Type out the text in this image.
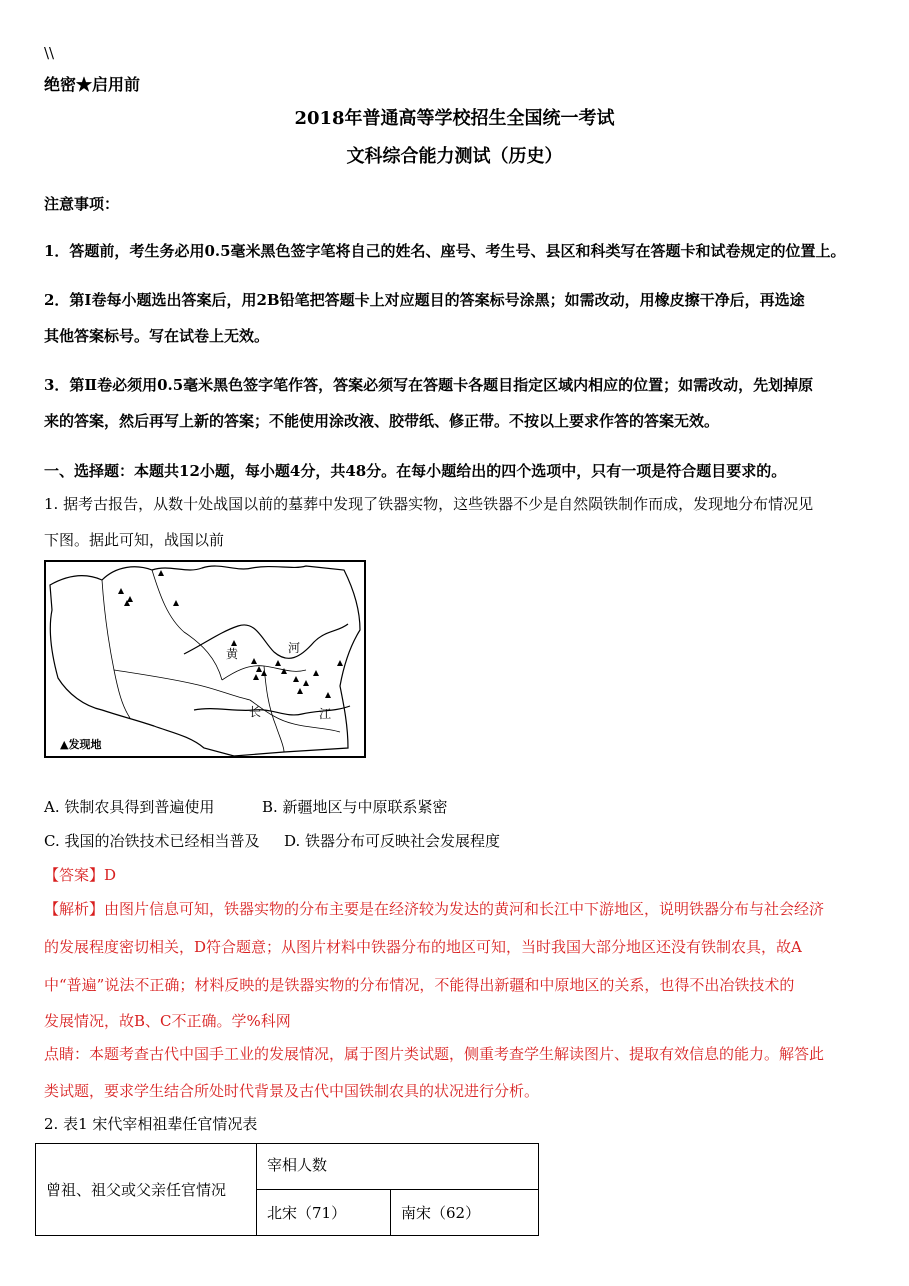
\\
绝密★启用前
2018年普通高等学校招生全国统一考试
文科综合能力测试（历史）
注意事项：
1．答题前，考生务必用0.5毫米黑色签字笔将自己的姓名、座号、考生号、县区和科类写在答题卡和试卷规定的位置上。
2．第Ⅰ卷每小题选出答案后，用2B铅笔把答题卡上对应题目的答案标号涂黑；如需改动，用橡皮擦干净后，再选途
其他答案标号。写在试卷上无效。
3．第Ⅱ卷必须用0.5毫米黑色签字笔作答，答案必须写在答题卡各题目指定区域内相应的位置；如需改动，先划掉原
来的答案，然后再写上新的答案；不能使用涂改液、胶带纸、修正带。不按以上要求作答的答案无效。
一、选择题：本题共12小题，每小题4分，共48分。在每小题给出的四个选项中，只有一项是符合题目要求的。
1. 据考古报告，从数十处战国以前的墓葬中发现了铁器实物，这些铁器不少是自然陨铁制作而成，发现地分布情况见
下图。据此可知，战国以前
黄	河
长	江
▲发现地
A. 铁制农具得到普遍使用	B. 新疆地区与中原联系紧密
C. 我国的冶铁技术已经相当普及 D. 铁器分布可反映社会发展程度
【答案】D
【解析】由图片信息可知，铁器实物的分布主要是在经济较为发达的黄河和长江中下游地区，说明铁器分布与社会经济
的发展程度密切相关，D符合题意；从图片材料中铁器分布的地区可知，当时我国大部分地区还没有铁制农具，故A
中“普遍”说法不正确；材料反映的是铁器实物的分布情况，不能得出新疆和中原地区的关系，也得不出冶铁技术的
发展情况，故B、C不正确。学%科网
点睛：本题考查古代中国手工业的发展情况，属于图片类试题，侧重考查学生解读图片、提取有效信息的能力。解答此
类试题，要求学生结合所处时代背景及古代中国铁制农具的状况进行分析。
2. 表1 宋代宰相祖辈任官情况表
曾祖、祖父或父亲任官情况	宰相人数	
	北宋（71）	南宋（62）
